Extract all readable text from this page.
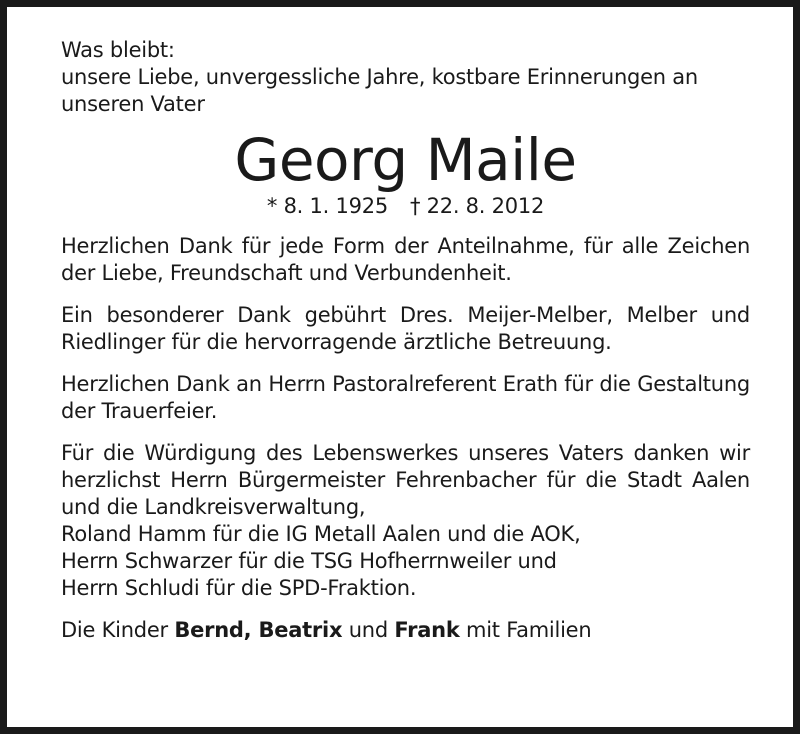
Was bleibt:
unsere Liebe, unvergessliche Jahre, kostbare Erinnerungen an
unseren Vater

Georg Maile

* 8. 1. 1925 † 22. 8. 2012

Herzlichen Dank für jede Form der Anteilnahme, für alle Zeichen der Liebe, Freundschaft und Verbundenheit.

Ein besonderer Dank gebührt Dres. Meijer-Melber, Melber und Riedlinger für die hervorragende ärztliche Betreuung.

Herzlichen Dank an Herrn Pastoralreferent Erath für die Gestaltung der Trauerfeier.

Für die Würdigung des Lebenswerkes unseres Vaters danken wir herzlichst Herrn Bürgermeister Fehrenbacher für die Stadt Aalen und die Landkreisverwaltung,

Roland Hamm für die IG Metall Aalen und die AOK,

Herrn Schwarzer für die TSG Hofherrnweiler und

Herrn Schludi für die SPD-Fraktion.

Die Kinder Bernd, Beatrix und Frank mit Familien
